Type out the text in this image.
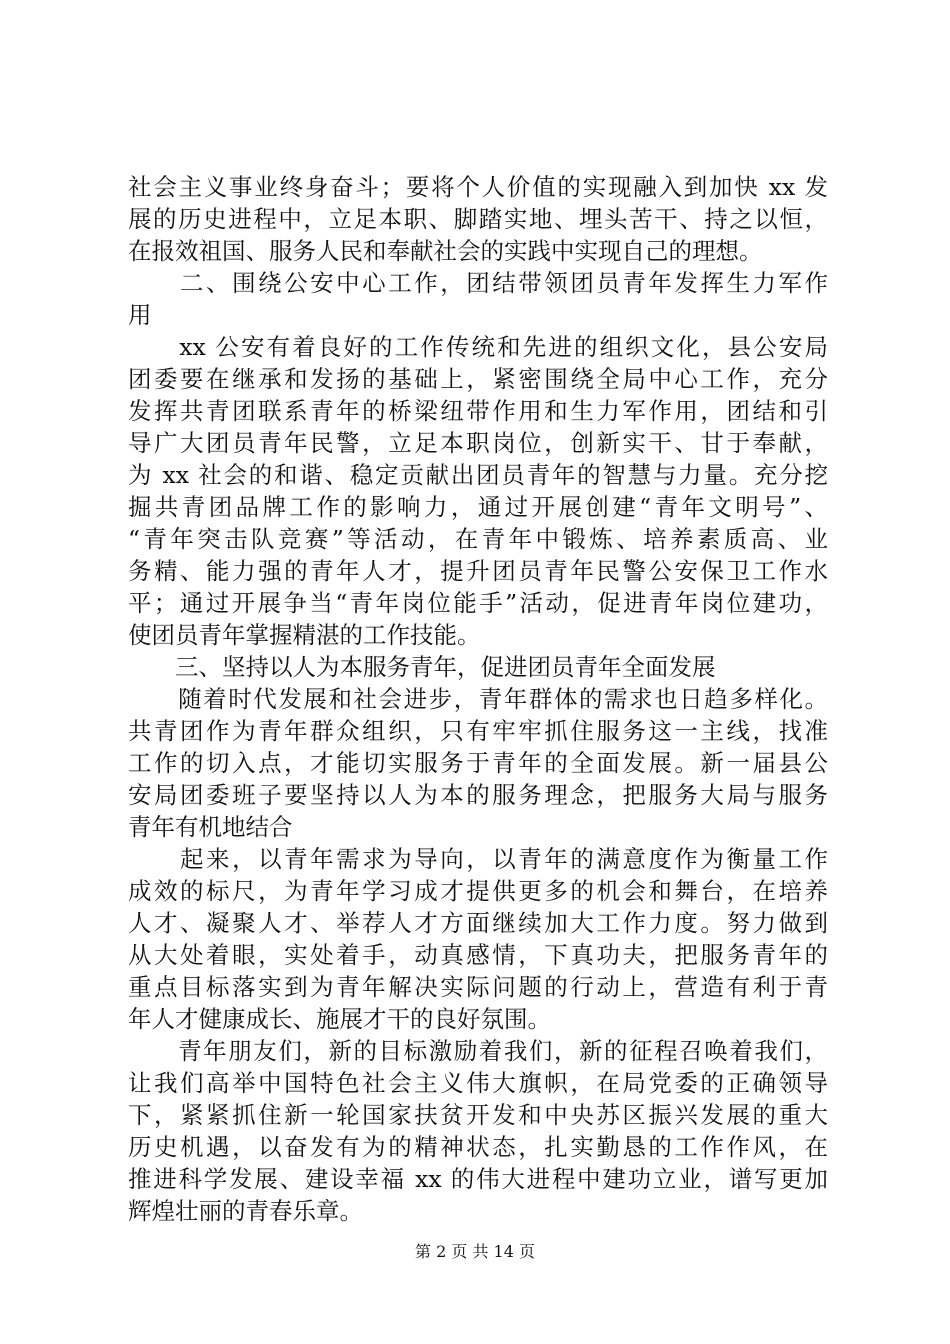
社会主义事业终身奋斗；要将个人价值的实现融入到加快 xx 发
展的历史进程中，立足本职、脚踏实地、埋头苦干、持之以恒，
在报效祖国、服务人民和奉献社会的实践中实现自己的理想。
　　二、围绕公安中心工作，团结带领团员青年发挥生力军作
用
　　xx 公安有着良好的工作传统和先进的组织文化，县公安局
团委要在继承和发扬的基础上，紧密围绕全局中心工作，充分
发挥共青团联系青年的桥梁纽带作用和生力军作用，团结和引
导广大团员青年民警，立足本职岗位，创新实干、甘于奉献，
为 xx 社会的和谐、稳定贡献出团员青年的智慧与力量。充分挖
掘共青团品牌工作的影响力，通过开展创建“青年文明号”、
“青年突击队竞赛”等活动，在青年中锻炼、培养素质高、业
务精、能力强的青年人才，提升团员青年民警公安保卫工作水
平；通过开展争当“青年岗位能手”活动，促进青年岗位建功，
使团员青年掌握精湛的工作技能。
　　三、坚持以人为本服务青年，促进团员青年全面发展
　　随着时代发展和社会进步，青年群体的需求也日趋多样化。
共青团作为青年群众组织，只有牢牢抓住服务这一主线，找准
工作的切入点，才能切实服务于青年的全面发展。新一届县公
安局团委班子要坚持以人为本的服务理念，把服务大局与服务
青年有机地结合
　　起来，以青年需求为导向，以青年的满意度作为衡量工作
成效的标尺，为青年学习成才提供更多的机会和舞台，在培养
人才、凝聚人才、举荐人才方面继续加大工作力度。努力做到
从大处着眼，实处着手，动真感情，下真功夫，把服务青年的
重点目标落实到为青年解决实际问题的行动上，营造有利于青
年人才健康成长、施展才干的良好氛围。
　　青年朋友们，新的目标激励着我们，新的征程召唤着我们，
让我们高举中国特色社会主义伟大旗帜，在局党委的正确领导
下，紧紧抓住新一轮国家扶贫开发和中央苏区振兴发展的重大
历史机遇，以奋发有为的精神状态，扎实勤恳的工作作风，在
推进科学发展、建设幸福 xx 的伟大进程中建功立业，谱写更加
辉煌壮丽的青春乐章。
第 2 页 共 14 页
